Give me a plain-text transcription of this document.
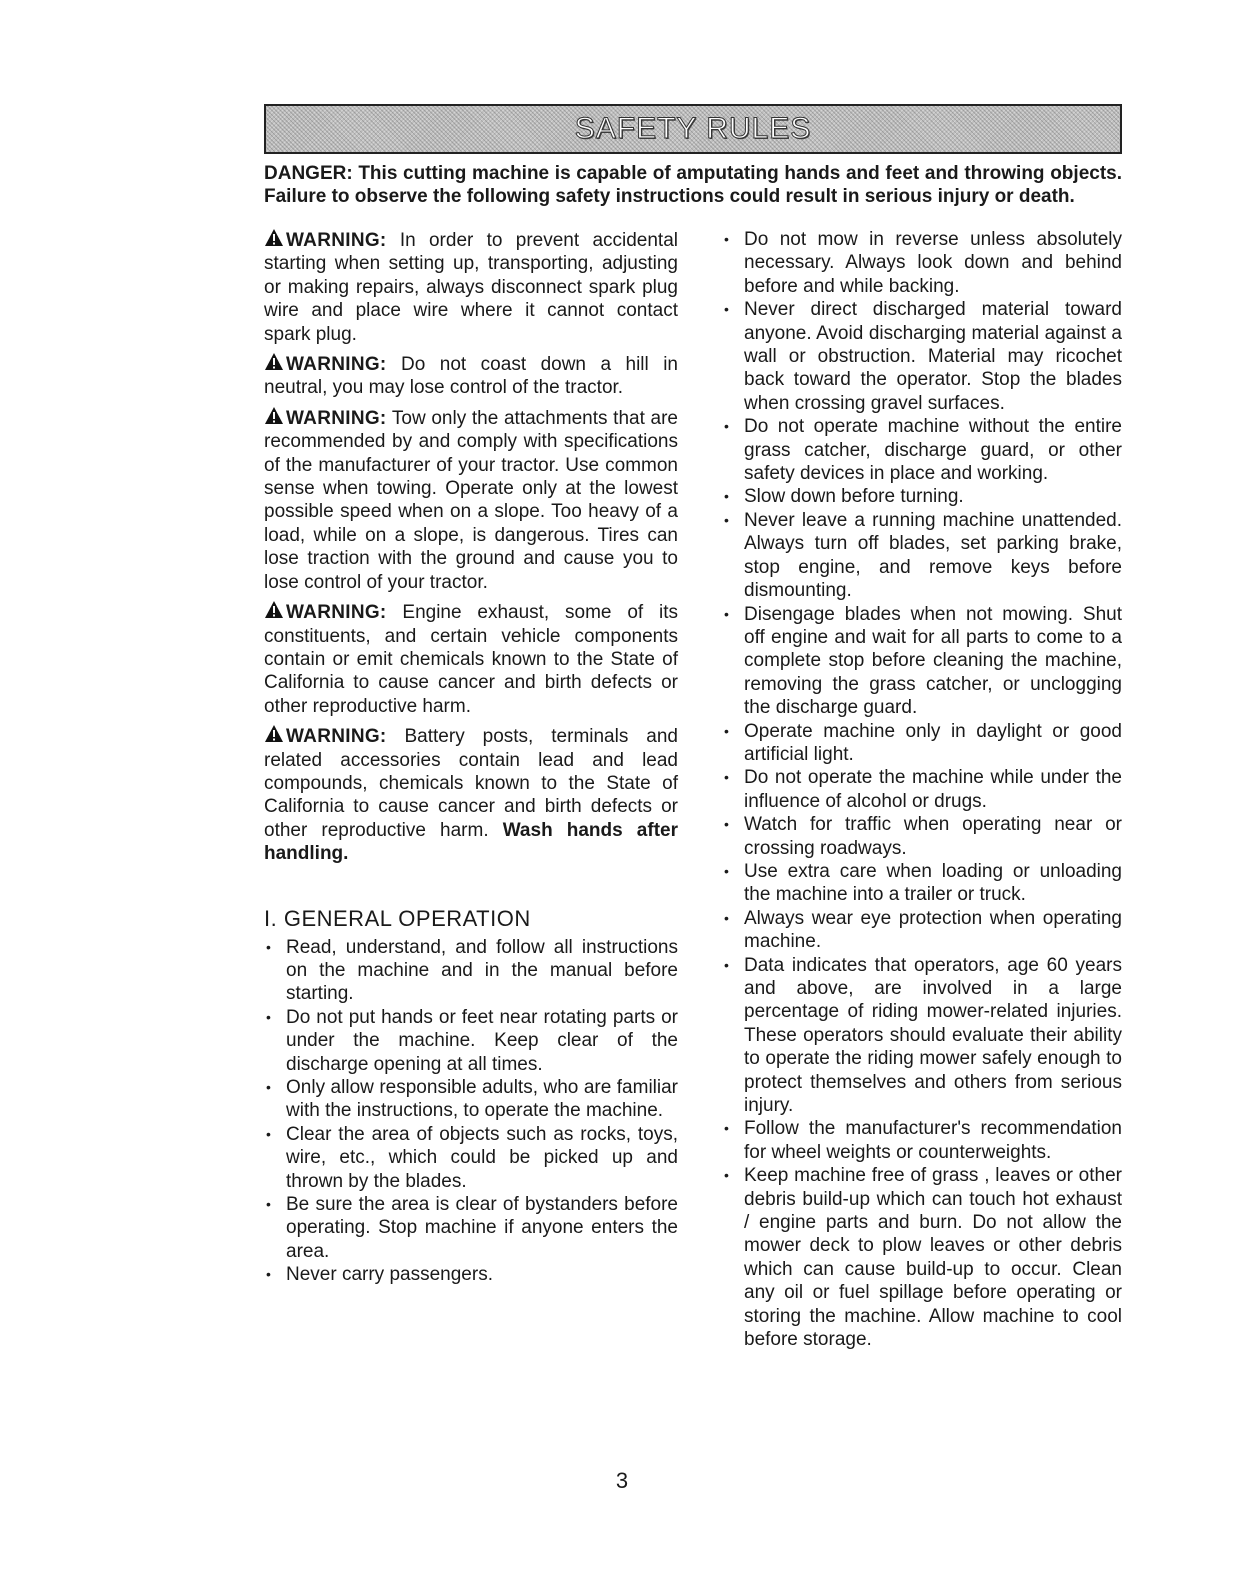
SAFETY RULES
DANGER: This cutting machine is capable of amputating hands and feet and throwing objects. Failure to observe the following safety instructions could result in serious injury or death.
WARNING: In order to prevent accidental starting when setting up, transporting, adjusting or making repairs, always disconnect spark plug wire and place wire where it cannot contact spark plug.
WARNING: Do not coast down a hill in neutral, you may lose control of the tractor.
WARNING: Tow only the attachments that are recommended by and comply with specifications of the manufacturer of your tractor. Use common sense when towing. Operate only at the lowest possible speed when on a slope. Too heavy of a load, while on a slope, is dangerous. Tires can lose traction with the ground and cause you to lose control of your tractor.
WARNING: Engine exhaust, some of its constituents, and certain vehicle components contain or emit chemicals known to the State of California to cause cancer and birth defects or other reproductive harm.
WARNING: Battery posts, terminals and related accessories contain lead and lead compounds, chemicals known to the State of California to cause cancer and birth defects or other reproductive harm. Wash hands after handling.
I. GENERAL OPERATION
• Read, understand, and follow all instructions on the machine and in the manual before starting.
• Do not put hands or feet near rotating parts or under the machine. Keep clear of the discharge opening at all times.
• Only allow responsible adults, who are familiar with the instructions, to operate the machine.
• Clear the area of objects such as rocks, toys, wire, etc., which could be picked up and thrown by the blades.
• Be sure the area is clear of bystanders before operating. Stop machine if anyone enters the area.
• Never carry passengers.
• Do not mow in reverse unless absolutely necessary. Always look down and behind before and while backing.
• Never direct discharged material toward anyone. Avoid discharging material against a wall or obstruction. Material may ricochet back toward the operator. Stop the blades when crossing gravel surfaces.
• Do not operate machine without the entire grass catcher, discharge guard, or other safety devices in place and working.
• Slow down before turning.
• Never leave a running machine unattended. Always turn off blades, set parking brake, stop engine, and remove keys before dismounting.
• Disengage blades when not mowing. Shut off engine and wait for all parts to come to a complete stop before cleaning the machine, removing the grass catcher, or unclogging the discharge guard.
• Operate machine only in daylight or good artificial light.
• Do not operate the machine while under the influence of alcohol or drugs.
• Watch for traffic when operating near or crossing roadways.
• Use extra care when loading or unloading the machine into a trailer or truck.
• Always wear eye protection when operating machine.
• Data indicates that operators, age 60 years and above, are involved in a large percentage of riding mower-related injuries. These operators should evaluate their ability to operate the riding mower safely enough to protect themselves and others from serious injury.
• Follow the manufacturer's recommendation for wheel weights or counterweights.
• Keep machine free of grass , leaves or other debris build-up which can touch hot exhaust / engine parts and burn. Do not allow the mower deck to plow leaves or other debris which can cause build-up to occur. Clean any oil or fuel spillage before operating or storing the machine. Allow machine to cool before storage.
3
